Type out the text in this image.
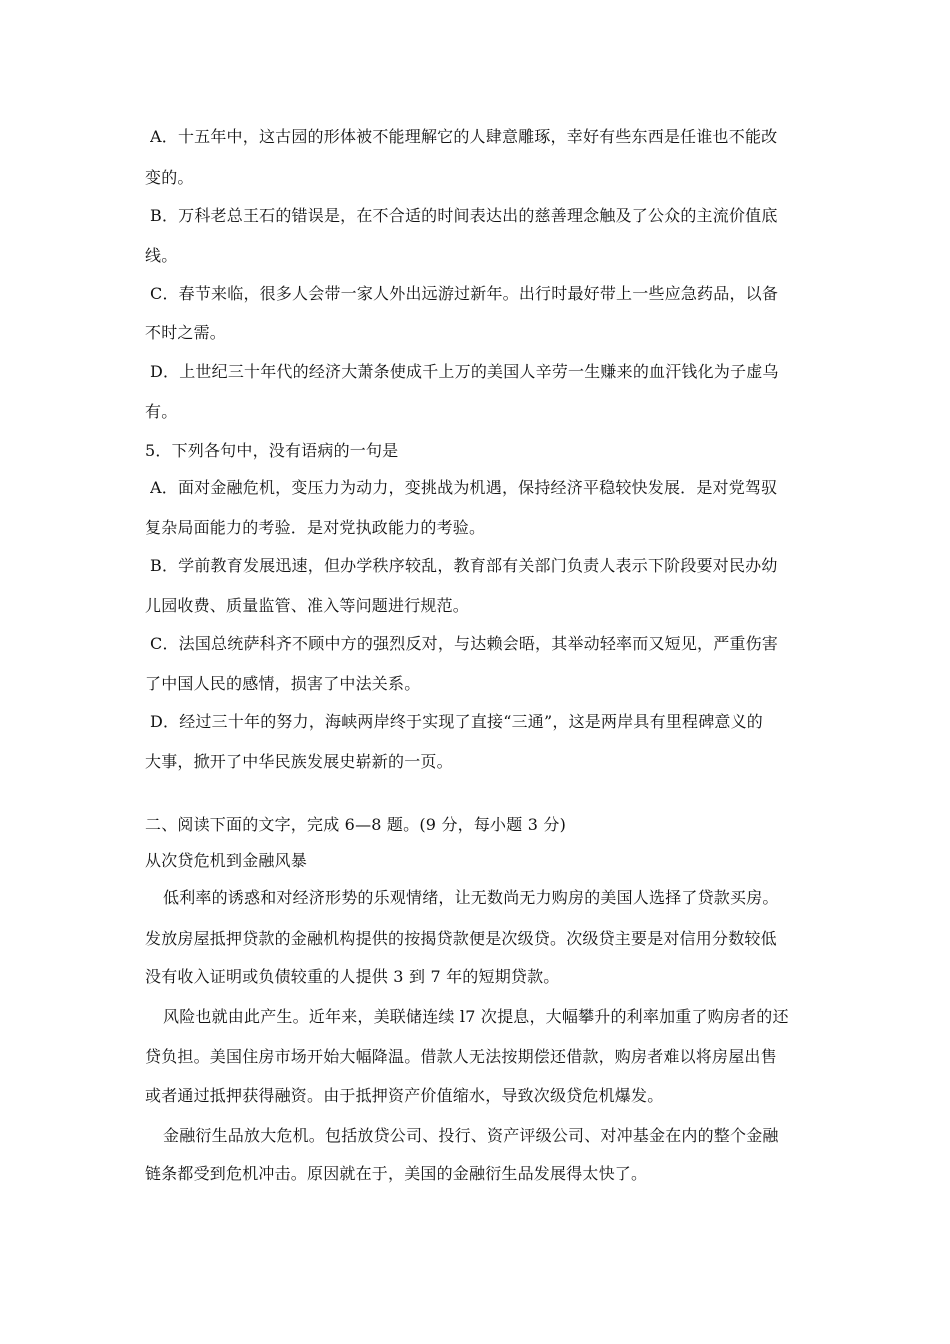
A．十五年中，这古园的形体被不能理解它的人肆意雕琢，幸好有些东西是任谁也不能改
变的。
B．万科老总王石的错误是，在不合适的时间表达出的慈善理念触及了公众的主流价值底
线。
C．春节来临，很多人会带一家人外出远游过新年。出行时最好带上一些应急药品，以备
不时之需。
D．上世纪三十年代的经济大萧条使成千上万的美国人辛劳一生赚来的血汗钱化为子虚乌
有。
5．下列各句中，没有语病的一句是
A．面对金融危机，变压力为动力，变挑战为机遇，保持经济平稳较快发展．是对党驾驭
复杂局面能力的考验．是对党执政能力的考验。
B．学前教育发展迅速，但办学秩序较乱，教育部有关部门负责人表示下阶段要对民办幼
儿园收费、质量监管、准入等问题进行规范。
C．法国总统萨科齐不顾中方的强烈反对，与达赖会晤，其举动轻率而又短见，严重伤害
了中国人民的感情，损害了中法关系。
D．经过三十年的努力，海峡两岸终于实现了直接“三通”，这是两岸具有里程碑意义的
大事，掀开了中华民族发展史崭新的一页。
二、阅读下面的文字，完成 6—8 题。(9 分，每小题 3 分)
从次贷危机到金融风暴
低利率的诱惑和对经济形势的乐观情绪，让无数尚无力购房的美国人选择了贷款买房。
发放房屋抵押贷款的金融机构提供的按揭贷款便是次级贷。次级贷主要是对信用分数较低
没有收入证明或负债较重的人提供 3 到 7 年的短期贷款。
风险也就由此产生。近年来，美联储连续 l7 次提息，大幅攀升的利率加重了购房者的还
贷负担。美国住房市场开始大幅降温。借款人无法按期偿还借款，购房者难以将房屋出售
或者通过抵押获得融资。由于抵押资产价值缩水，导致次级贷危机爆发。
金融衍生品放大危机。包括放贷公司、投行、资产评级公司、对冲基金在内的整个金融
链条都受到危机冲击。原因就在于，美国的金融衍生品发展得太快了。
